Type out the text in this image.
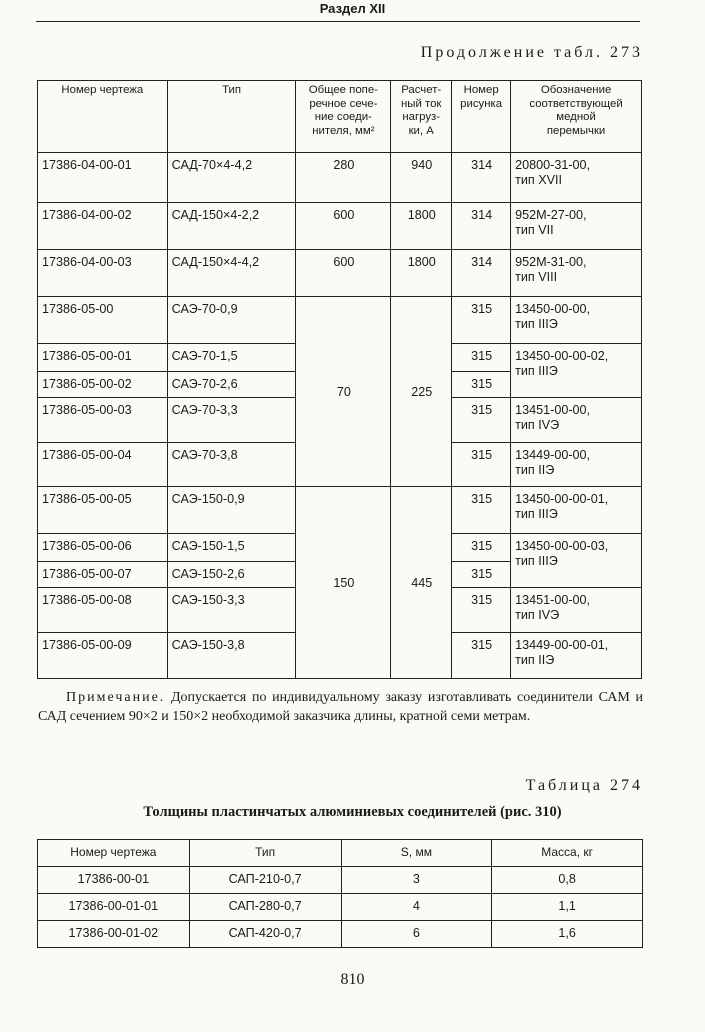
Раздел XII
Продолжение табл. 273
Номер чертежа	Тип	Общее попе-
речное сече-
ние соеди-
нителя, мм²	Расчет-
ный ток
нагруз-
ки, А	Номер
рисунка	Обозначение
соответствующей
медной
перемычки
17386-04-00-01	САД-70×4-4,2	280	940	314	20800-31-00,
тип XVII
17386-04-00-02	САД-150×4-2,2	600	1800	314	952М-27-00,
тип VII
17386-04-00-03	САД-150×4-4,2	600	1800	314	952М-31-00,
тип VIII
17386-05-00	САЭ-70-0,9	70	225	315	13450-00-00,
тип IIIЭ
17386-05-00-01	САЭ-70-1,5			315	13450-00-00-02,
тип IIIЭ
17386-05-00-02	САЭ-70-2,6			315	
17386-05-00-03	САЭ-70-3,3			315	13451-00-00,
тип IVЭ
17386-05-00-04	САЭ-70-3,8			315	13449-00-00,
тип IIЭ
17386-05-00-05	САЭ-150-0,9	150	445	315	13450-00-00-01,
тип IIIЭ
17386-05-00-06	САЭ-150-1,5			315	13450-00-00-03,
тип IIIЭ
17386-05-00-07	САЭ-150-2,6			315	
17386-05-00-08	САЭ-150-3,3			315	13451-00-00,
тип IVЭ
17386-05-00-09	САЭ-150-3,8			315	13449-00-00-01,
тип IIЭ
Примечание. Допускается по индивидуальному заказу изготавливать соединители САМ и САД сечением 90×2 и 150×2 необходимой заказчика длины, кратной семи метрам.
Таблица 274
Толщины пластинчатых алюминиевых соединителей (рис. 310)
Номер чертежа	Тип	S, мм	Масса, кг
17386-00-01	САП-210-0,7	3	0,8
17386-00-01-01	САП-280-0,7	4	1,1
17386-00-01-02	САП-420-0,7	6	1,6
810
